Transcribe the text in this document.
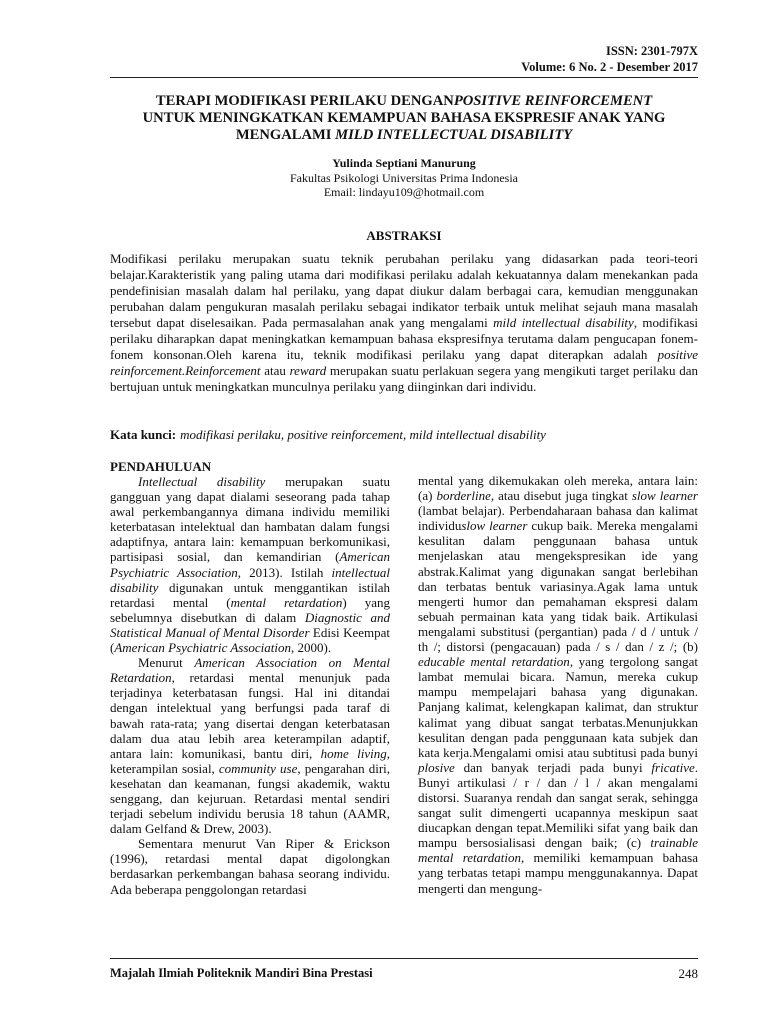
ISSN: 2301-797X
Volume: 6 No. 2 - Desember 2017
TERAPI MODIFIKASI PERILAKU DENGANPOSITIVE REINFORCEMENT
UNTUK MENINGKATKAN KEMAMPUAN BAHASA EKSPRESIF ANAK YANG
MENGALAMI MILD INTELLECTUAL DISABILITY
Yulinda Septiani Manurung
Fakultas Psikologi Universitas Prima Indonesia
Email: lindayu109@hotmail.com
ABSTRAKSI
Modifikasi perilaku merupakan suatu teknik perubahan perilaku yang didasarkan pada teori-teori belajar.Karakteristik yang paling utama dari modifikasi perilaku adalah kekuatannya dalam menekankan pada pendefinisian masalah dalam hal perilaku, yang dapat diukur dalam berbagai cara, kemudian menggunakan perubahan dalam pengukuran masalah perilaku sebagai indikator terbaik untuk melihat sejauh mana masalah tersebut dapat diselesaikan. Pada permasalahan anak yang mengalami mild intellectual disability, modifikasi perilaku diharapkan dapat meningkatkan kemampuan bahasa ekspresifnya terutama dalam pengucapan fonem-fonem konsonan.Oleh karena itu, teknik modifikasi perilaku yang dapat diterapkan adalah positive reinforcement.Reinforcement atau reward merupakan suatu perlakuan segera yang mengikuti target perilaku dan bertujuan untuk meningkatkan munculnya perilaku yang diinginkan dari individu.
Kata kunci: modifikasi perilaku, positive reinforcement, mild intellectual disability
PENDAHULUAN

Intellectual disability merupakan suatu gangguan yang dapat dialami seseorang pada tahap awal perkembangannya dimana individu memiliki keterbatasan intelektual dan hambatan dalam fungsi adaptifnya, antara lain: kemampuan berkomunikasi, partisipasi sosial, dan kemandirian (American Psychiatric Association, 2013). Istilah intellectual disability digunakan untuk menggantikan istilah retardasi mental (mental retardation) yang sebelumnya disebutkan di dalam Diagnostic and Statistical Manual of Mental Disorder Edisi Keempat (American Psychiatric Association, 2000).

Menurut American Association on Mental Retardation, retardasi mental menunjuk pada terjadinya keterbatasan fungsi. Hal ini ditandai dengan intelektual yang berfungsi pada taraf di bawah rata-rata; yang disertai dengan keterbatasan dalam dua atau lebih area keterampilan adaptif, antara lain: komunikasi, bantu diri, home living, keterampilan sosial, community use, pengarahan diri, kesehatan dan keamanan, fungsi akademik, waktu senggang, dan kejuruan. Retardasi mental sendiri terjadi sebelum individu berusia 18 tahun (AAMR, dalam Gelfand & Drew, 2003).

Sementara menurut Van Riper & Erickson (1996), retardasi mental dapat digolongkan berdasarkan perkembangan bahasa seorang individu. Ada beberapa penggolongan retardasi

mental yang dikemukakan oleh mereka, antara lain: (a) borderline, atau disebut juga tingkat slow learner (lambat belajar). Perbendaharaan bahasa dan kalimat individuslow learner cukup baik. Mereka mengalami kesulitan dalam penggunaan bahasa untuk menjelaskan atau mengekspresikan ide yang abstrak.Kalimat yang digunakan sangat berlebihan dan terbatas bentuk variasinya.Agak lama untuk mengerti humor dan pemahaman ekspresi dalam sebuah permainan kata yang tidak baik. Artikulasi mengalami substitusi (pergantian) pada / d / untuk / th /; distorsi (pengacauan) pada / s / dan / z /; (b) educable mental retardation, yang tergolong sangat lambat memulai bicara. Namun, mereka cukup mampu mempelajari bahasa yang digunakan. Panjang kalimat, kelengkapan kalimat, dan struktur kalimat yang dibuat sangat terbatas.Menunjukkan kesulitan dengan pada penggunaan kata subjek dan kata kerja.Mengalami omisi atau subtitusi pada bunyi plosive dan banyak terjadi pada bunyi fricative. Bunyi artikulasi / r / dan / l / akan mengalami distorsi. Suaranya rendah dan sangat serak, sehingga sangat sulit dimengerti ucapannya meskipun saat diucapkan dengan tepat.Memiliki sifat yang baik dan mampu bersosialisasi dengan baik; (c) trainable mental retardation, memiliki kemampuan bahasa yang terbatas tetapi mampu menggunakannya. Dapat mengerti dan mengung-

Majalah Ilmiah Politeknik Mandiri Bina Prestasi	248
